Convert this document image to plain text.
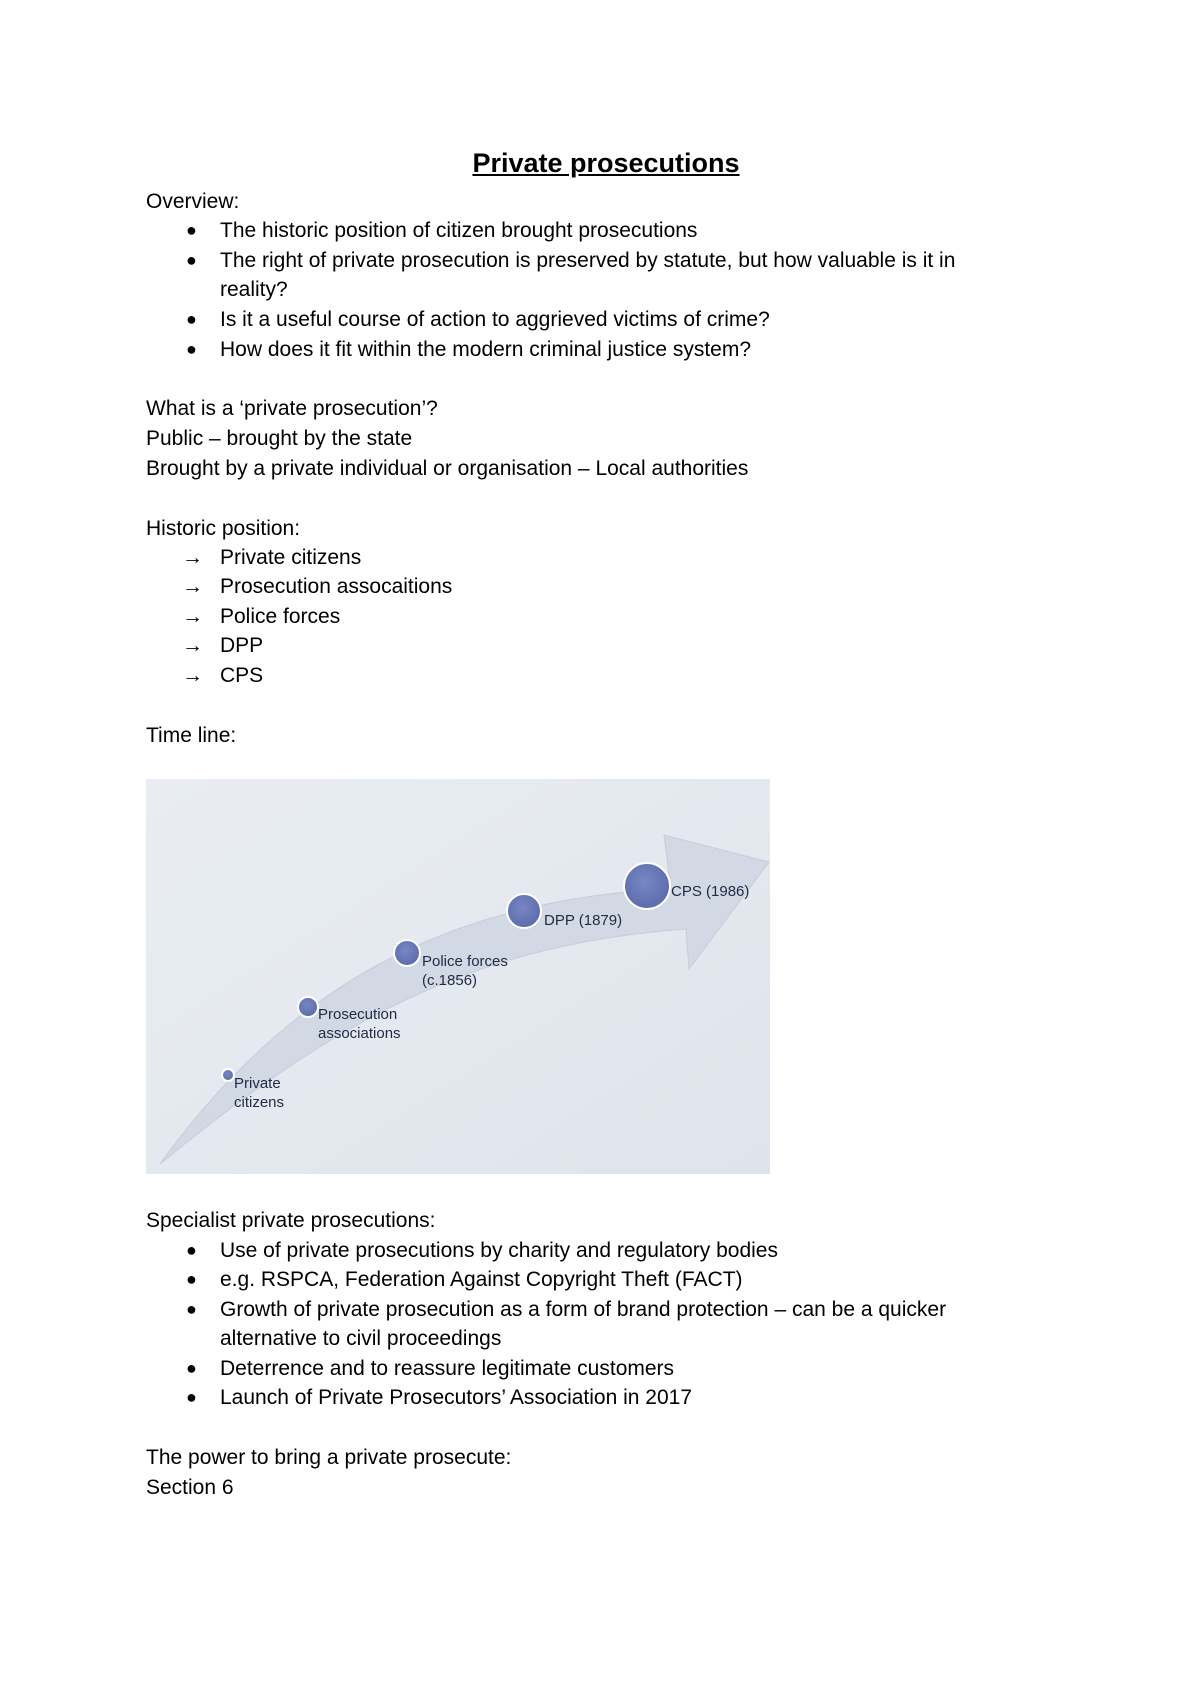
Private prosecutions
Overview:
● The historic position of citizen brought prosecutions
● The right of private prosecution is preserved by statute, but how valuable is it in
reality?
● Is it a useful course of action to aggrieved victims of crime?
● How does it fit within the modern criminal justice system?
What is a ‘private prosecution’?
Public – brought by the state
Brought by a private individual or organisation – Local authorities
Historic position:
→ Private citizens
→ Prosecution assocaitions
→ Police forces
→ DPP
→ CPS
Time line:
Private
citizens
Prosecution
associations
Police forces
(c.1856)
DPP (1879)
CPS (1986)
Specialist private prosecutions:
● Use of private prosecutions by charity and regulatory bodies
● e.g. RSPCA, Federation Against Copyright Theft (FACT)
● Growth of private prosecution as a form of brand protection – can be a quicker
alternative to civil proceedings
● Deterrence and to reassure legitimate customers
● Launch of Private Prosecutors’ Association in 2017
The power to bring a private prosecute:
Section 6
